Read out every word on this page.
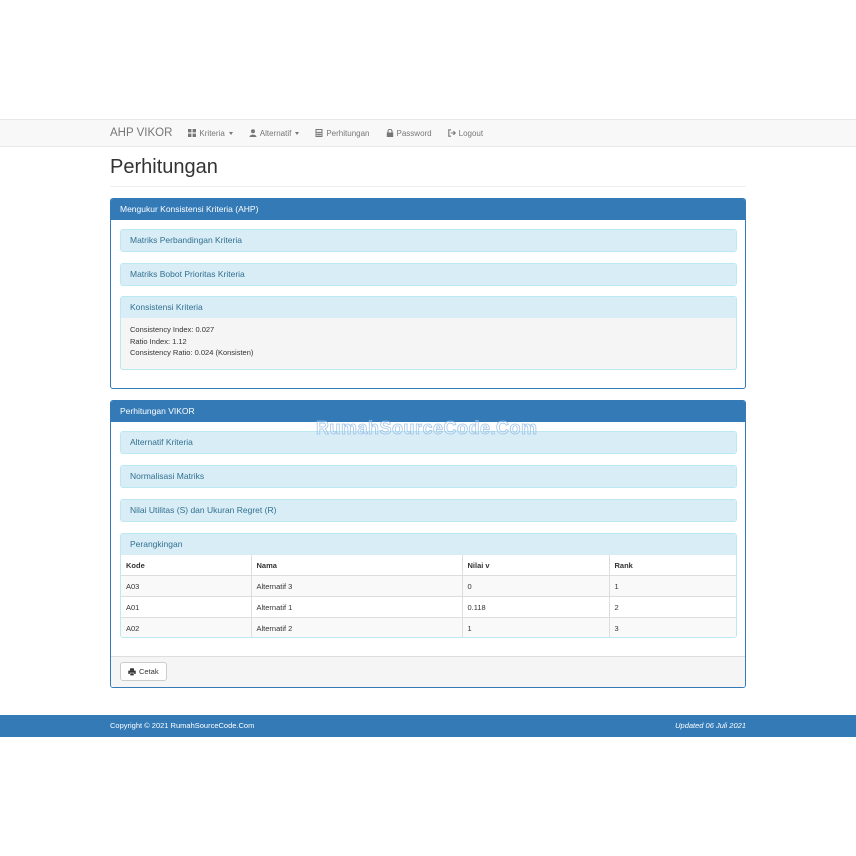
AHP VIKOR	Kriteria	Alternatif	Perhitungan	Password	Logout
Perhitungan
Mengukur Konsistensi Kriteria (AHP)
Matriks Perbandingan Kriteria
Matriks Bobot Prioritas Kriteria
Konsistensi Kriteria
Consistency Index: 0.027
Ratio Index: 1.12
Consistency Ratio: 0.024 (Konsisten)
Perhitungan VIKOR
Alternatif Kriteria
Normalisasi Matriks
Nilai Utilitas (S) dan Ukuran Regret (R)
Perangkingan
Kode	Nama	Nilai v	Rank
A03	Alternatif 3	0	1
A01	Alternatif 1	0.118	2
A02	Alternatif 2	1	3
Cetak
Copyright © 2021 RumahSourceCode.Com	Updated 06 Juli 2021
